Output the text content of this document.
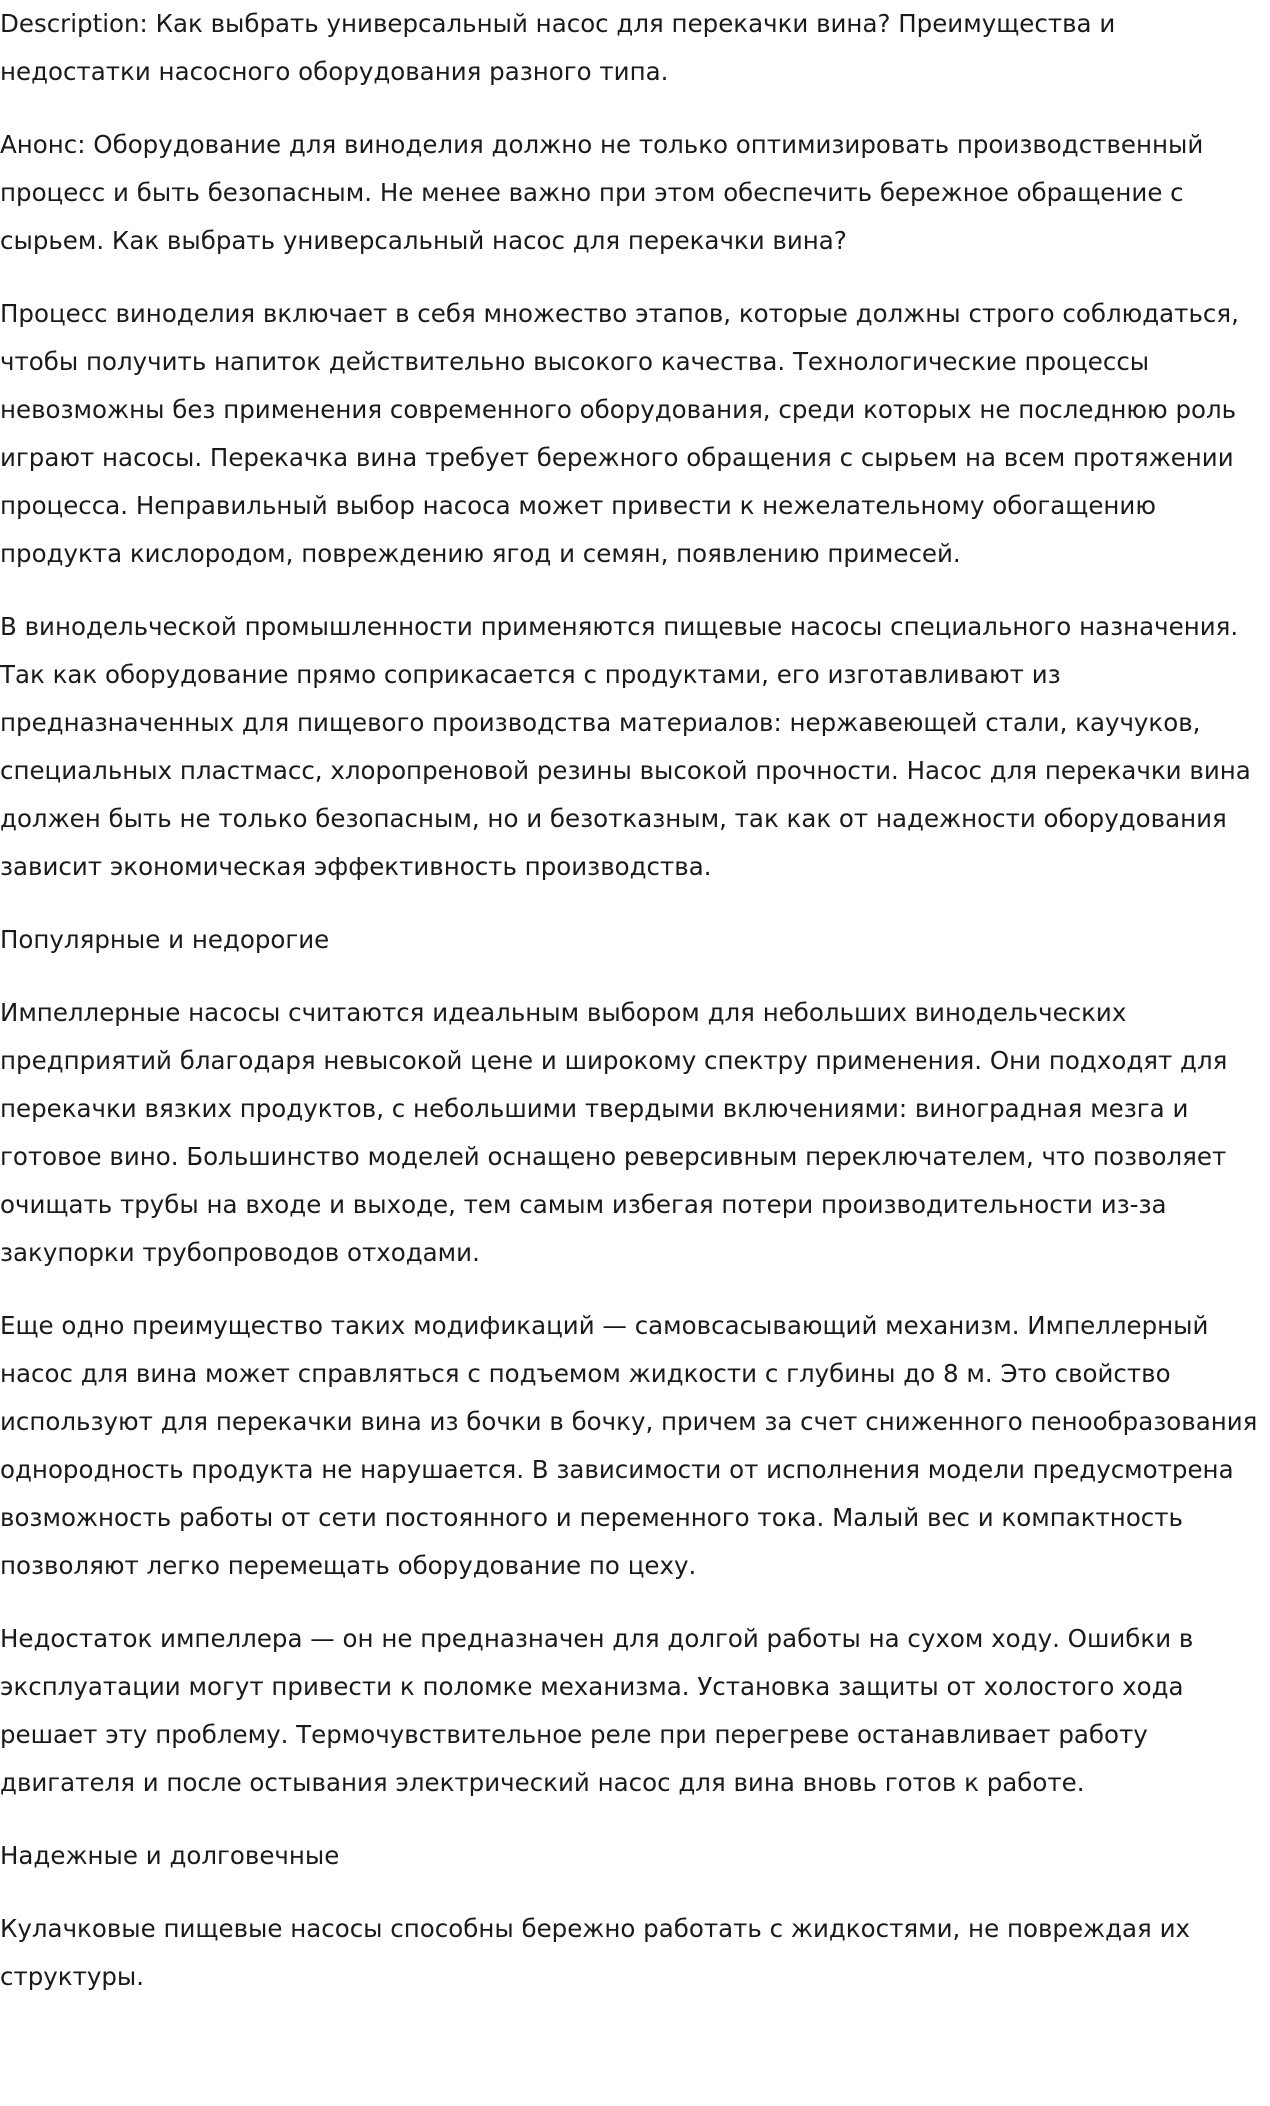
Description: Как выбрать универсальный насос для перекачки вина? Преимущества и недостатки насосного оборудования разного типа.

Анонс: Оборудование для виноделия должно не только оптимизировать производственный процесс и быть безопасным. Не менее важно при этом обеспечить бережное обращение с сырьем. Как выбрать универсальный насос для перекачки вина?

Процесс виноделия включает в себя множество этапов, которые должны строго соблюдаться, чтобы получить напиток действительно высокого качества. Технологические процессы невозможны без применения современного оборудования, среди которых не последнюю роль играют насосы. Перекачка вина требует бережного обращения с сырьем на всем протяжении процесса. Неправильный выбор насоса может привести к нежелательному обогащению продукта кислородом, повреждению ягод и семян, появлению примесей.

В винодельческой промышленности применяются пищевые насосы специального назначения. Так как оборудование прямо соприкасается с продуктами, его изготавливают из предназначенных для пищевого производства материалов: нержавеющей стали, каучуков, специальных пластмасс, хлоропреновой резины высокой прочности. Насос для перекачки вина должен быть не только безопасным, но и безотказным, так как от надежности оборудования зависит экономическая эффективность производства.

Популярные и недорогие

Импеллерные насосы считаются идеальным выбором для небольших винодельческих предприятий благодаря невысокой цене и широкому спектру применения. Они подходят для перекачки вязких продуктов, с небольшими твердыми включениями: виноградная мезга и готовое вино. Большинство моделей оснащено реверсивным переключателем, что позволяет очищать трубы на входе и выходе, тем самым избегая потери производительности из-за закупорки трубопроводов отходами.

Еще одно преимущество таких модификаций — самовсасывающий механизм. Импеллерный насос для вина может справляться с подъемом жидкости с глубины до 8 м. Это свойство используют для перекачки вина из бочки в бочку, причем за счет сниженного пенообразования однородность продукта не нарушается. В зависимости от исполнения модели предусмотрена возможность работы от сети постоянного и переменного тока. Малый вес и компактность позволяют легко перемещать оборудование по цеху.

Недостаток импеллера — он не предназначен для долгой работы на сухом ходу. Ошибки в эксплуатации могут привести к поломке механизма. Установка защиты от холостого хода решает эту проблему. Термочувствительное реле при перегреве останавливает работу двигателя и после остывания электрический насос для вина вновь готов к работе.

Надежные и долговечные

Кулачковые пищевые насосы способны бережно работать с жидкостями, не повреждая их структуры.
